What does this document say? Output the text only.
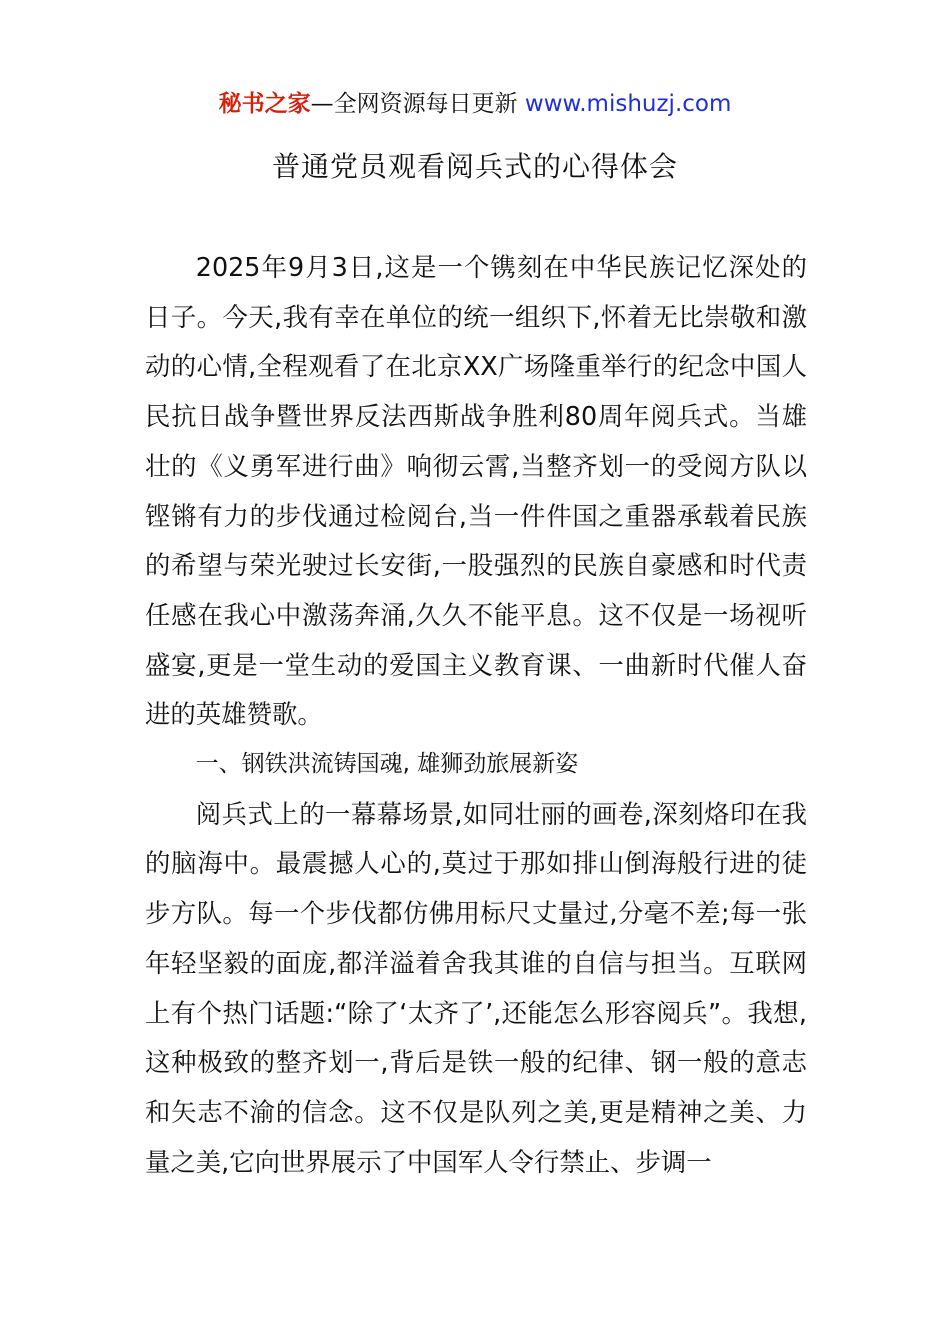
秘书之家—全网资源每日更新 www.mishuzj.com
普通党员观看阅兵式的心得体会

2025年9月3日,这是一个镌刻在中华民族记忆深处的日子。今天,我有幸在单位的统一组织下,怀着无比崇敬和激动的心情,全程观看了在北京XX广场隆重举行的纪念中国人民抗日战争暨世界反法西斯战争胜利80周年阅兵式。当雄壮的《义勇军进行曲》响彻云霄,当整齐划一的受阅方队以铿锵有力的步伐通过检阅台,当一件件国之重器承载着民族的希望与荣光驶过长安街,一股强烈的民族自豪感和时代责任感在我心中激荡奔涌,久久不能平息。这不仅是一场视听盛宴,更是一堂生动的爱国主义教育课、一曲新时代催人奋进的英雄赞歌。

一、钢铁洪流铸国魂, 雄狮劲旅展新姿

阅兵式上的一幕幕场景,如同壮丽的画卷,深刻烙印在我的脑海中。最震撼人心的,莫过于那如排山倒海般行进的徒步方队。每一个步伐都仿佛用标尺丈量过,分毫不差;每一张年轻坚毅的面庞,都洋溢着舍我其谁的自信与担当。互联网上有个热门话题:“除了‘太齐了’,还能怎么形容阅兵”。我想,这种极致的整齐划一,背后是铁一般的纪律、钢一般的意志和矢志不渝的信念。这不仅是队列之美,更是精神之美、力量之美,它向世界展示了中国军人令行禁止、步调一
